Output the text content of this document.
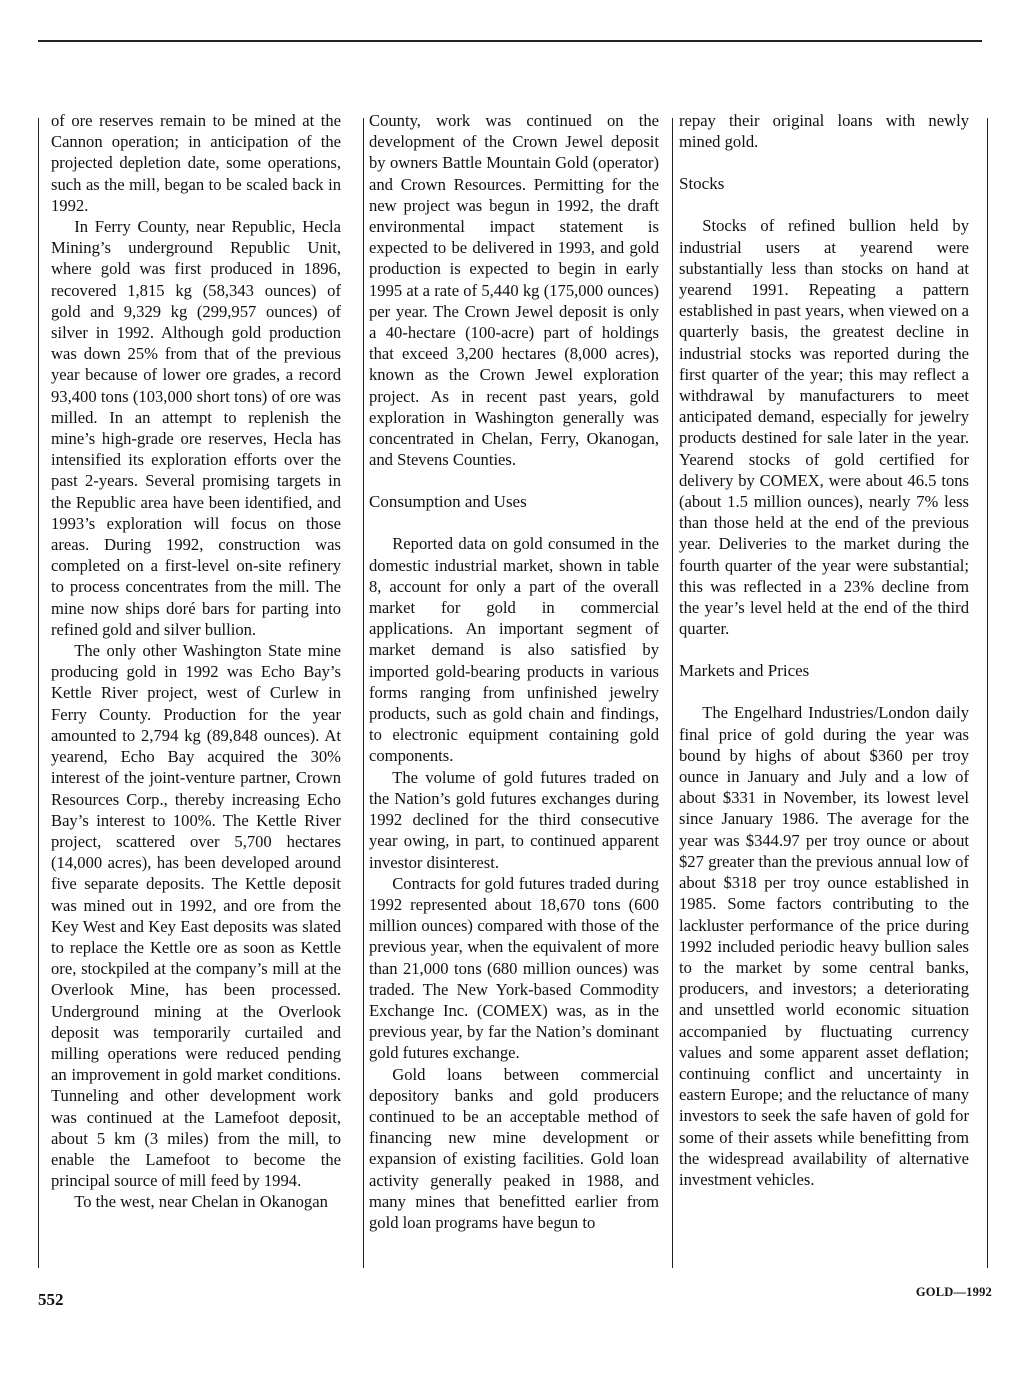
of ore reserves remain to be mined at the Cannon operation; in anticipation of the projected depletion date, some operations, such as the mill, began to be scaled back in 1992.

In Ferry County, near Republic, Hecla Mining’s underground Republic Unit, where gold was first produced in 1896, recovered 1,815 kg (58,343 ounces) of gold and 9,329 kg (299,957 ounces) of silver in 1992. Although gold production was down 25% from that of the previous year because of lower ore grades, a record 93,400 tons (103,000 short tons) of ore was milled. In an attempt to replenish the mine’s high-grade ore reserves, Hecla has intensified its exploration efforts over the past 2-years. Several promising targets in the Republic area have been identified, and 1993’s exploration will focus on those areas. During 1992, construction was completed on a first-level on-site refinery to process concentrates from the mill. The mine now ships doré bars for parting into refined gold and silver bullion.

The only other Washington State mine producing gold in 1992 was Echo Bay’s Kettle River project, west of Curlew in Ferry County. Production for the year amounted to 2,794 kg (89,848 ounces). At yearend, Echo Bay acquired the 30% interest of the joint-venture partner, Crown Resources Corp., thereby increasing Echo Bay’s interest to 100%. The Kettle River project, scattered over 5,700 hectares (14,000 acres), has been developed around five separate deposits. The Kettle deposit was mined out in 1992, and ore from the Key West and Key East deposits was slated to replace the Kettle ore as soon as Kettle ore, stockpiled at the company’s mill at the Overlook Mine, has been processed. Underground mining at the Overlook deposit was temporarily curtailed and milling operations were reduced pending an improvement in gold market conditions. Tunneling and other development work was continued at the Lamefoot deposit, about 5 km (3 miles) from the mill, to enable the Lamefoot to become the principal source of mill feed by 1994.

To the west, near Chelan in Okanogan

County, work was continued on the development of the Crown Jewel deposit by owners Battle Mountain Gold (operator) and Crown Resources. Permitting for the new project was begun in 1992, the draft environmental impact statement is expected to be delivered in 1993, and gold production is expected to begin in early 1995 at a rate of 5,440 kg (175,000 ounces) per year. The Crown Jewel deposit is only a 40-hectare (100-acre) part of holdings that exceed 3,200 hectares (8,000 acres), known as the Crown Jewel exploration project. As in recent past years, gold exploration in Washington generally was concentrated in Chelan, Ferry, Okanogan, and Stevens Counties.

Consumption and Uses

Reported data on gold consumed in the domestic industrial market, shown in table 8, account for only a part of the overall market for gold in commercial applications. An important segment of market demand is also satisfied by imported gold-bearing products in various forms ranging from unfinished jewelry products, such as gold chain and findings, to electronic equipment containing gold components.

The volume of gold futures traded on the Nation’s gold futures exchanges during 1992 declined for the third consecutive year owing, in part, to continued apparent investor disinterest.

Contracts for gold futures traded during 1992 represented about 18,670 tons (600 million ounces) compared with those of the previous year, when the equivalent of more than 21,000 tons (680 million ounces) was traded. The New York-based Commodity Exchange Inc. (COMEX) was, as in the previous year, by far the Nation’s dominant gold futures exchange.

Gold loans between commercial depository banks and gold producers continued to be an acceptable method of financing new mine development or expansion of existing facilities. Gold loan activity generally peaked in 1988, and many mines that benefitted earlier from gold loan programs have begun to

repay their original loans with newly mined gold.

Stocks

Stocks of refined bullion held by industrial users at yearend were substantially less than stocks on hand at yearend 1991. Repeating a pattern established in past years, when viewed on a quarterly basis, the greatest decline in industrial stocks was reported during the first quarter of the year; this may reflect a withdrawal by manufacturers to meet anticipated demand, especially for jewelry products destined for sale later in the year. Yearend stocks of gold certified for delivery by COMEX, were about 46.5 tons (about 1.5 million ounces), nearly 7% less than those held at the end of the previous year. Deliveries to the market during the fourth quarter of the year were substantial; this was reflected in a 23% decline from the year’s level held at the end of the third quarter.

Markets and Prices

The Engelhard Industries/London daily final price of gold during the year was bound by highs of about $360 per troy ounce in January and July and a low of about $331 in November, its lowest level since January 1986. The average for the year was $344.97 per troy ounce or about $27 greater than the previous annual low of about $318 per troy ounce established in 1985. Some factors contributing to the lackluster performance of the price during 1992 included periodic heavy bullion sales to the market by some central banks, producers, and investors; a deteriorating and unsettled world economic situation accompanied by fluctuating currency values and some apparent asset deflation; continuing conflict and uncertainty in eastern Europe; and the reluctance of many investors to seek the safe haven of gold for some of their assets while benefitting from the widespread availability of alternative investment vehicles.

552	GOLD—1992
